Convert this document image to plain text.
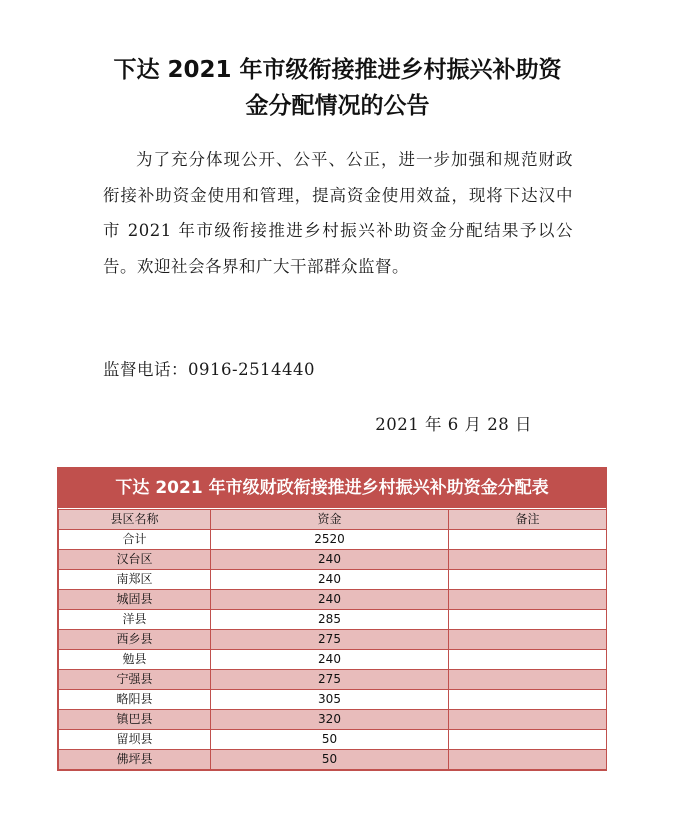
下达 2021 年市级衔接推进乡村振兴补助资
金分配情况的公告
为了充分体现公开、公平、公正，进一步加强和规范财政衔接补助资金使用和管理，提高资金使用效益，现将下达汉中市 2021 年市级衔接推进乡村振兴补助资金分配结果予以公告。欢迎社会各界和广大干部群众监督。
监督电话：0916-2514440
2021 年 6 月 28 日
下达 2021 年市级财政衔接推进乡村振兴补助资金分配表
县区名称	资金	备注
合计	2520	
汉台区	240	
南郑区	240	
城固县	240	
洋县	285	
西乡县	275	
勉县	240	
宁强县	275	
略阳县	305	
镇巴县	320	
留坝县	50	
佛坪县	50	
